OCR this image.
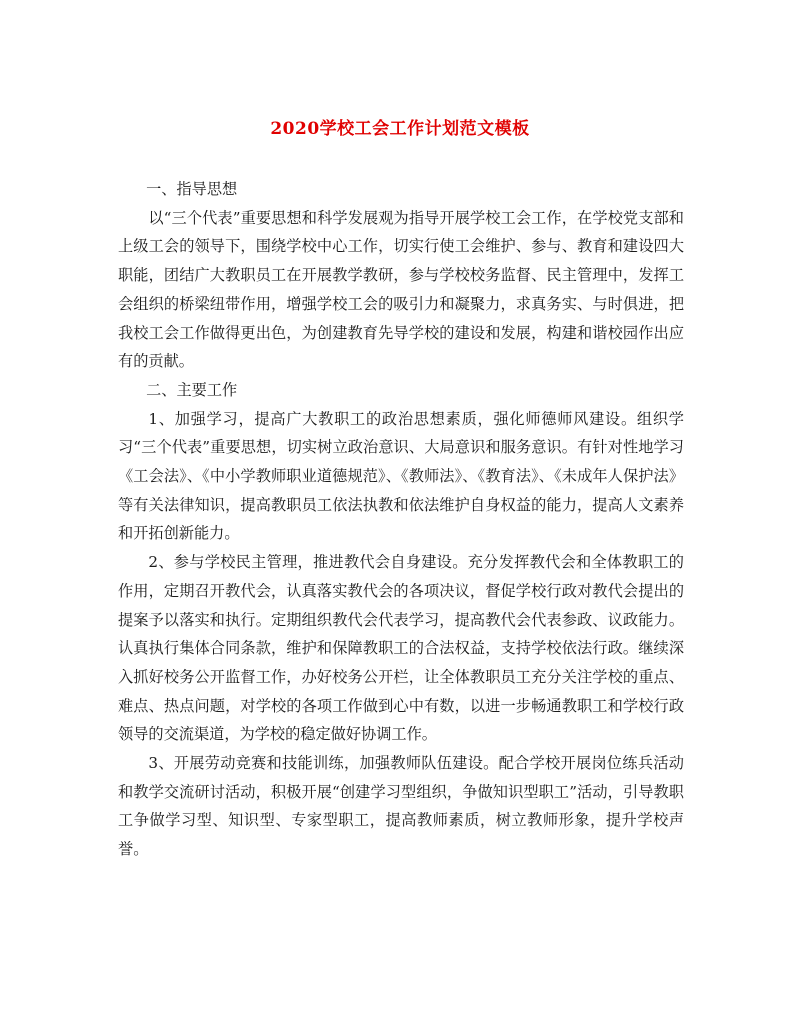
2020学校工会工作计划范文模板

一、指导思想

以“三个代表”重要思想和科学发展观为指导开展学校工会工作，在学校党支部和上级工会的领导下，围绕学校中心工作，切实行使工会维护、参与、教育和建设四大职能，团结广大教职员工在开展教学教研，参与学校校务监督、民主管理中，发挥工会组织的桥梁纽带作用，增强学校工会的吸引力和凝聚力，求真务实、与时俱进，把我校工会工作做得更出色，为创建教育先导学校的建设和发展，构建和谐校园作出应有的贡献。

二、主要工作

1、加强学习，提高广大教职工的政治思想素质，强化师德师风建设。组织学习“三个代表”重要思想，切实树立政治意识、大局意识和服务意识。有针对性地学习《工会法》、《中小学教师职业道德规范》、《教师法》、《教育法》、《未成年人保护法》等有关法律知识，提高教职员工依法执教和依法维护自身权益的能力，提高人文素养和开拓创新能力。

2、参与学校民主管理，推进教代会自身建设。充分发挥教代会和全体教职工的作用，定期召开教代会，认真落实教代会的各项决议，督促学校行政对教代会提出的提案予以落实和执行。定期组织教代会代表学习，提高教代会代表参政、议政能力。认真执行集体合同条款，维护和保障教职工的合法权益，支持学校依法行政。继续深入抓好校务公开监督工作，办好校务公开栏，让全体教职员工充分关注学校的重点、难点、热点问题，对学校的各项工作做到心中有数，以进一步畅通教职工和学校行政领导的交流渠道，为学校的稳定做好协调工作。

3、开展劳动竞赛和技能训练，加强教师队伍建设。配合学校开展岗位练兵活动和教学交流研讨活动，积极开展“创建学习型组织，争做知识型职工”活动，引导教职工争做学习型、知识型、专家型职工，提高教师素质，树立教师形象，提升学校声誉。
